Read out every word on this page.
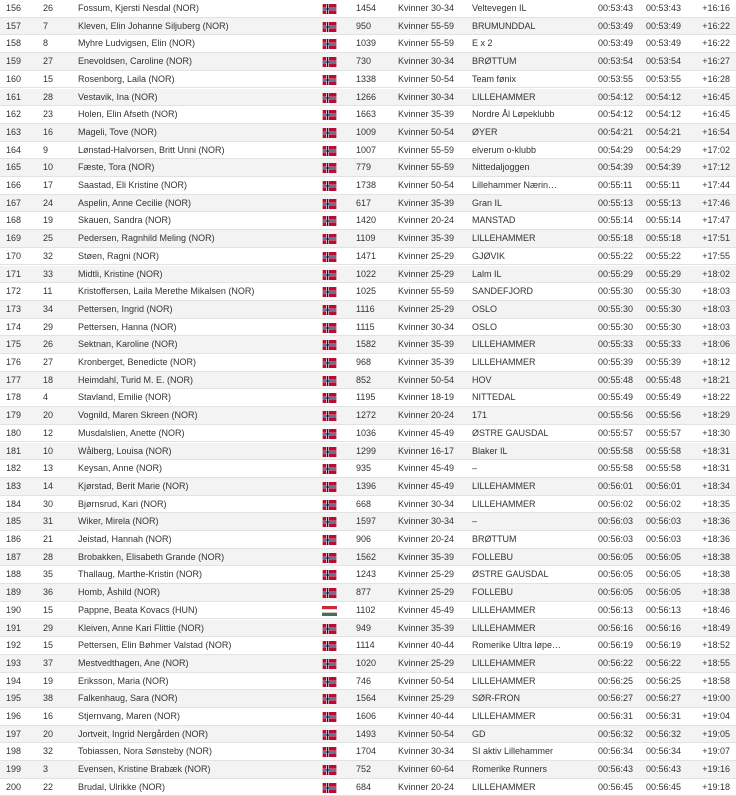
156	26	Fossum, Kjersti Nesdal (NOR)	1454	Kvinner 30-34	Veltevegen IL	00:53:43	00:53:43	+16:16
157	7	Kleven, Elin Johanne Siljuberg (NOR)	950	Kvinner 55-59	BRUMUNDDAL	00:53:49	00:53:49	+16:22
158	8	Myhre Ludvigsen, Elin (NOR)	1039	Kvinner 55-59	E x 2	00:53:49	00:53:49	+16:22
159	27	Enevoldsen, Caroline (NOR)	730	Kvinner 30-34	BRØTTUM	00:53:54	00:53:54	+16:27
160	15	Rosenborg, Laila (NOR)	1338	Kvinner 50-54	Team fønix	00:53:55	00:53:55	+16:28
161	28	Vestavik, Ina (NOR)	1266	Kvinner 30-34	LILLEHAMMER	00:54:12	00:54:12	+16:45
162	23	Holen, Elin Afseth (NOR)	1663	Kvinner 35-39	Nordre Ål Løpeklubb	00:54:12	00:54:12	+16:45
163	16	Mageli, Tove (NOR)	1009	Kvinner 50-54	ØYER	00:54:21	00:54:21	+16:54
164	9	Lønstad-Halvorsen, Britt Unni (NOR)	1007	Kvinner 55-59	elverum o-klubb	00:54:29	00:54:29	+17:02
165	10	Fæste, Tora (NOR)	779	Kvinner 55-59	Nittedaljoggen	00:54:39	00:54:39	+17:12
166	17	Saastad, Eli Kristine (NOR)	1738	Kvinner 50-54	Lillehammer Nærin…	00:55:11	00:55:11	+17:44
167	24	Aspelin, Anne Cecilie (NOR)	617	Kvinner 35-39	Gran IL	00:55:13	00:55:13	+17:46
168	19	Skauen, Sandra (NOR)	1420	Kvinner 20-24	MANSTAD	00:55:14	00:55:14	+17:47
169	25	Pedersen, Ragnhild Meling (NOR)	1109	Kvinner 35-39	LILLEHAMMER	00:55:18	00:55:18	+17:51
170	32	Støen, Ragni (NOR)	1471	Kvinner 25-29	GJØVIK	00:55:22	00:55:22	+17:55
171	33	Midtli, Kristine (NOR)	1022	Kvinner 25-29	Lalm IL	00:55:29	00:55:29	+18:02
172	11	Kristoffersen, Laila Merethe Mikalsen (NOR)	1025	Kvinner 55-59	SANDEFJORD	00:55:30	00:55:30	+18:03
173	34	Pettersen, Ingrid (NOR)	1116	Kvinner 25-29	OSLO	00:55:30	00:55:30	+18:03
174	29	Pettersen, Hanna (NOR)	1115	Kvinner 30-34	OSLO	00:55:30	00:55:30	+18:03
175	26	Sektnan, Karoline (NOR)	1582	Kvinner 35-39	LILLEHAMMER	00:55:33	00:55:33	+18:06
176	27	Kronberget, Benedicte (NOR)	968	Kvinner 35-39	LILLEHAMMER	00:55:39	00:55:39	+18:12
177	18	Heimdahl, Turid M. E. (NOR)	852	Kvinner 50-54	HOV	00:55:48	00:55:48	+18:21
178	4	Stavland, Emilie (NOR)	1195	Kvinner 18-19	NITTEDAL	00:55:49	00:55:49	+18:22
179	20	Vognild, Maren Skreen (NOR)	1272	Kvinner 20-24	171	00:55:56	00:55:56	+18:29
180	12	Musdalslien, Anette (NOR)	1036	Kvinner 45-49	ØSTRE GAUSDAL	00:55:57	00:55:57	+18:30
181	10	Wålberg, Louisa (NOR)	1299	Kvinner 16-17	Blaker IL	00:55:58	00:55:58	+18:31
182	13	Keysan, Anne (NOR)	935	Kvinner 45-49	–	00:55:58	00:55:58	+18:31
183	14	Kjørstad, Berit Marie (NOR)	1396	Kvinner 45-49	LILLEHAMMER	00:56:01	00:56:01	+18:34
184	30	Bjørnsrud, Kari (NOR)	668	Kvinner 30-34	LILLEHAMMER	00:56:02	00:56:02	+18:35
185	31	Wiker, Mirela (NOR)	1597	Kvinner 30-34	–	00:56:03	00:56:03	+18:36
186	21	Jeistad, Hannah (NOR)	906	Kvinner 20-24	BRØTTUM	00:56:03	00:56:03	+18:36
187	28	Brobakken, Elisabeth Grande (NOR)	1562	Kvinner 35-39	FOLLEBU	00:56:05	00:56:05	+18:38
188	35	Thallaug, Marthe-Kristin (NOR)	1243	Kvinner 25-29	ØSTRE GAUSDAL	00:56:05	00:56:05	+18:38
189	36	Homb, Åshild (NOR)	877	Kvinner 25-29	FOLLEBU	00:56:05	00:56:05	+18:38
190	15	Pappne, Beata Kovacs (HUN)	1102	Kvinner 45-49	LILLEHAMMER	00:56:13	00:56:13	+18:46
191	29	Kleiven, Anne Kari Flittie (NOR)	949	Kvinner 35-39	LILLEHAMMER	00:56:16	00:56:16	+18:49
192	15	Pettersen, Elin Bøhmer Valstad (NOR)	1114	Kvinner 40-44	Romerike Ultra løpe…	00:56:19	00:56:19	+18:52
193	37	Mestvedthagen, Ane (NOR)	1020	Kvinner 25-29	LILLEHAMMER	00:56:22	00:56:22	+18:55
194	19	Eriksson, Maria (NOR)	746	Kvinner 50-54	LILLEHAMMER	00:56:25	00:56:25	+18:58
195	38	Falkenhaug, Sara (NOR)	1564	Kvinner 25-29	SØR-FRON	00:56:27	00:56:27	+19:00
196	16	Stjernvang, Maren (NOR)	1606	Kvinner 40-44	LILLEHAMMER	00:56:31	00:56:31	+19:04
197	20	Jortveit, Ingrid Nergården (NOR)	1493	Kvinner 50-54	GD	00:56:32	00:56:32	+19:05
198	32	Tobiassen, Nora Sønsteby (NOR)	1704	Kvinner 30-34	SI aktiv Lillehammer	00:56:34	00:56:34	+19:07
199	3	Evensen, Kristine Brabæk (NOR)	752	Kvinner 60-64	Romerike Runners	00:56:43	00:56:43	+19:16
200	22	Brudal, Ulrikke (NOR)	684	Kvinner 20-24	LILLEHAMMER	00:56:45	00:56:45	+19:18
